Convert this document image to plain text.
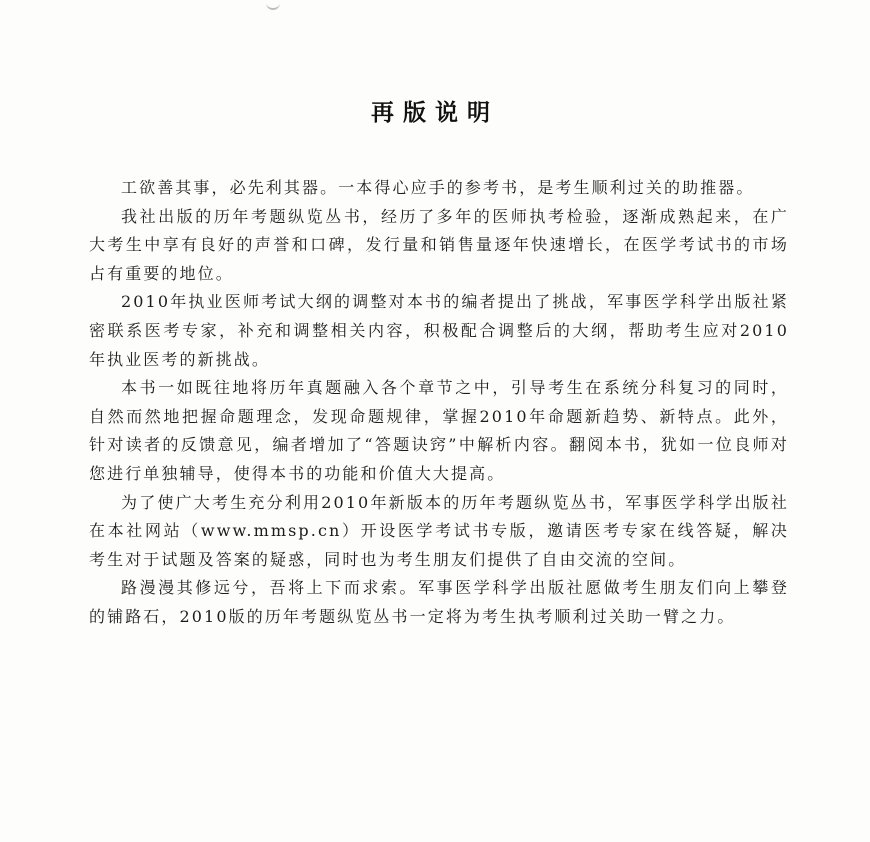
再版说明

工欲善其事，必先利其器。一本得心应手的参考书，是考生顺利过关的助推器。

我社出版的历年考题纵览丛书，经历了多年的医师执考检验，逐渐成熟起来，在广大考生中享有良好的声誉和口碑，发行量和销售量逐年快速增长，在医学考试书的市场占有重要的地位。

2010年执业医师考试大纲的调整对本书的编者提出了挑战，军事医学科学出版社紧密联系医考专家，补充和调整相关内容，积极配合调整后的大纲，帮助考生应对2010年执业医考的新挑战。

本书一如既往地将历年真题融入各个章节之中，引导考生在系统分科复习的同时，自然而然地把握命题理念，发现命题规律，掌握2010年命题新趋势、新特点。此外，针对读者的反馈意见，编者增加了“答题诀窍”中解析内容。翻阅本书，犹如一位良师对您进行单独辅导，使得本书的功能和价值大大提高。

为了使广大考生充分利用2010年新版本的历年考题纵览丛书，军事医学科学出版社在本社网站（www.mmsp.cn）开设医学考试书专版，邀请医考专家在线答疑，解决考生对于试题及答案的疑惑，同时也为考生朋友们提供了自由交流的空间。

路漫漫其修远兮，吾将上下而求索。军事医学科学出版社愿做考生朋友们向上攀登的铺路石，2010版的历年考题纵览丛书一定将为考生执考顺利过关助一臂之力。
